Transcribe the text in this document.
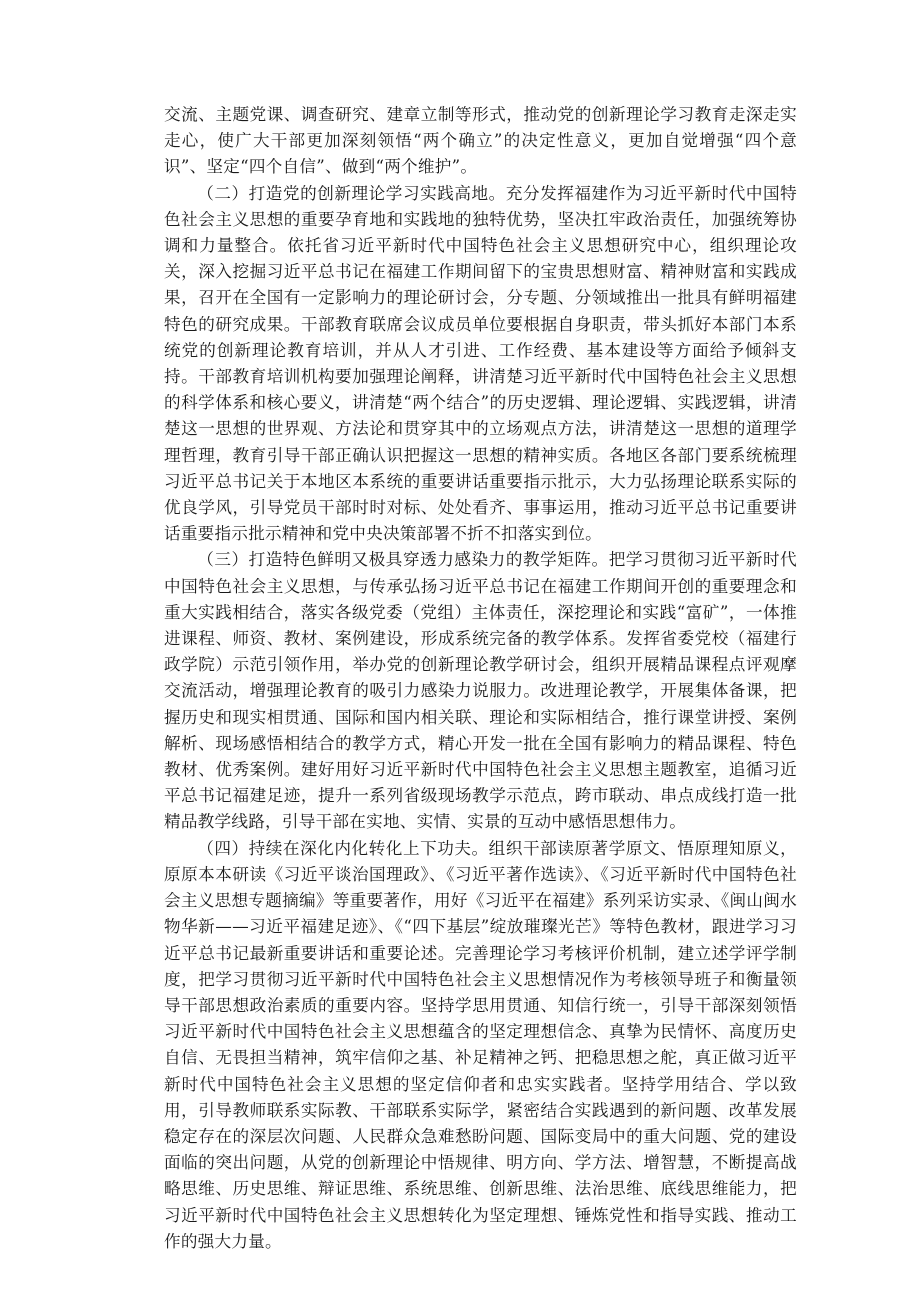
交流、主题党课、调查研究、建章立制等形式，推动党的创新理论学习教育走深走实走心，使广大干部更加深刻领悟“两个确立”的决定性意义，更加自觉增强“四个意识”、坚定“四个自信”、做到“两个维护”。

（二）打造党的创新理论学习实践高地。充分发挥福建作为习近平新时代中国特色社会主义思想的重要孕育地和实践地的独特优势，坚决扛牢政治责任，加强统筹协调和力量整合。依托省习近平新时代中国特色社会主义思想研究中心，组织理论攻关，深入挖掘习近平总书记在福建工作期间留下的宝贵思想财富、精神财富和实践成果，召开在全国有一定影响力的理论研讨会，分专题、分领域推出一批具有鲜明福建特色的研究成果。干部教育联席会议成员单位要根据自身职责，带头抓好本部门本系统党的创新理论教育培训，并从人才引进、工作经费、基本建设等方面给予倾斜支持。干部教育培训机构要加强理论阐释，讲清楚习近平新时代中国特色社会主义思想的科学体系和核心要义，讲清楚“两个结合”的历史逻辑、理论逻辑、实践逻辑，讲清楚这一思想的世界观、方法论和贯穿其中的立场观点方法，讲清楚这一思想的道理学理哲理，教育引导干部正确认识把握这一思想的精神实质。各地区各部门要系统梳理习近平总书记关于本地区本系统的重要讲话重要指示批示，大力弘扬理论联系实际的优良学风，引导党员干部时时对标、处处看齐、事事运用，推动习近平总书记重要讲话重要指示批示精神和党中央决策部署不折不扣落实到位。

（三）打造特色鲜明又极具穿透力感染力的教学矩阵。把学习贯彻习近平新时代中国特色社会主义思想，与传承弘扬习近平总书记在福建工作期间开创的重要理念和重大实践相结合，落实各级党委（党组）主体责任，深挖理论和实践“富矿”，一体推进课程、师资、教材、案例建设，形成系统完备的教学体系。发挥省委党校（福建行政学院）示范引领作用，举办党的创新理论教学研讨会，组织开展精品课程点评观摩交流活动，增强理论教育的吸引力感染力说服力。改进理论教学，开展集体备课，把握历史和现实相贯通、国际和国内相关联、理论和实际相结合，推行课堂讲授、案例解析、现场感悟相结合的教学方式，精心开发一批在全国有影响力的精品课程、特色教材、优秀案例。建好用好习近平新时代中国特色社会主义思想主题教室，追循习近平总书记福建足迹，提升一系列省级现场教学示范点，跨市联动、串点成线打造一批精品教学线路，引导干部在实地、实情、实景的互动中感悟思想伟力。

（四）持续在深化内化转化上下功夫。组织干部读原著学原文、悟原理知原义，原原本本研读《习近平谈治国理政》、《习近平著作选读》、《习近平新时代中国特色社会主义思想专题摘编》等重要著作，用好《习近平在福建》系列采访实录、《闽山闽水物华新——习近平福建足迹》、《“四下基层”绽放璀璨光芒》等特色教材，跟进学习习近平总书记最新重要讲话和重要论述。完善理论学习考核评价机制，建立述学评学制度，把学习贯彻习近平新时代中国特色社会主义思想情况作为考核领导班子和衡量领导干部思想政治素质的重要内容。坚持学思用贯通、知信行统一，引导干部深刻领悟习近平新时代中国特色社会主义思想蕴含的坚定理想信念、真挚为民情怀、高度历史自信、无畏担当精神，筑牢信仰之基、补足精神之钙、把稳思想之舵，真正做习近平新时代中国特色社会主义思想的坚定信仰者和忠实实践者。坚持学用结合、学以致用，引导教师联系实际教、干部联系实际学，紧密结合实践遇到的新问题、改革发展稳定存在的深层次问题、人民群众急难愁盼问题、国际变局中的重大问题、党的建设面临的突出问题，从党的创新理论中悟规律、明方向、学方法、增智慧，不断提高战略思维、历史思维、辩证思维、系统思维、创新思维、法治思维、底线思维能力，把习近平新时代中国特色社会主义思想转化为坚定理想、锤炼党性和指导实践、推动工作的强大力量。
